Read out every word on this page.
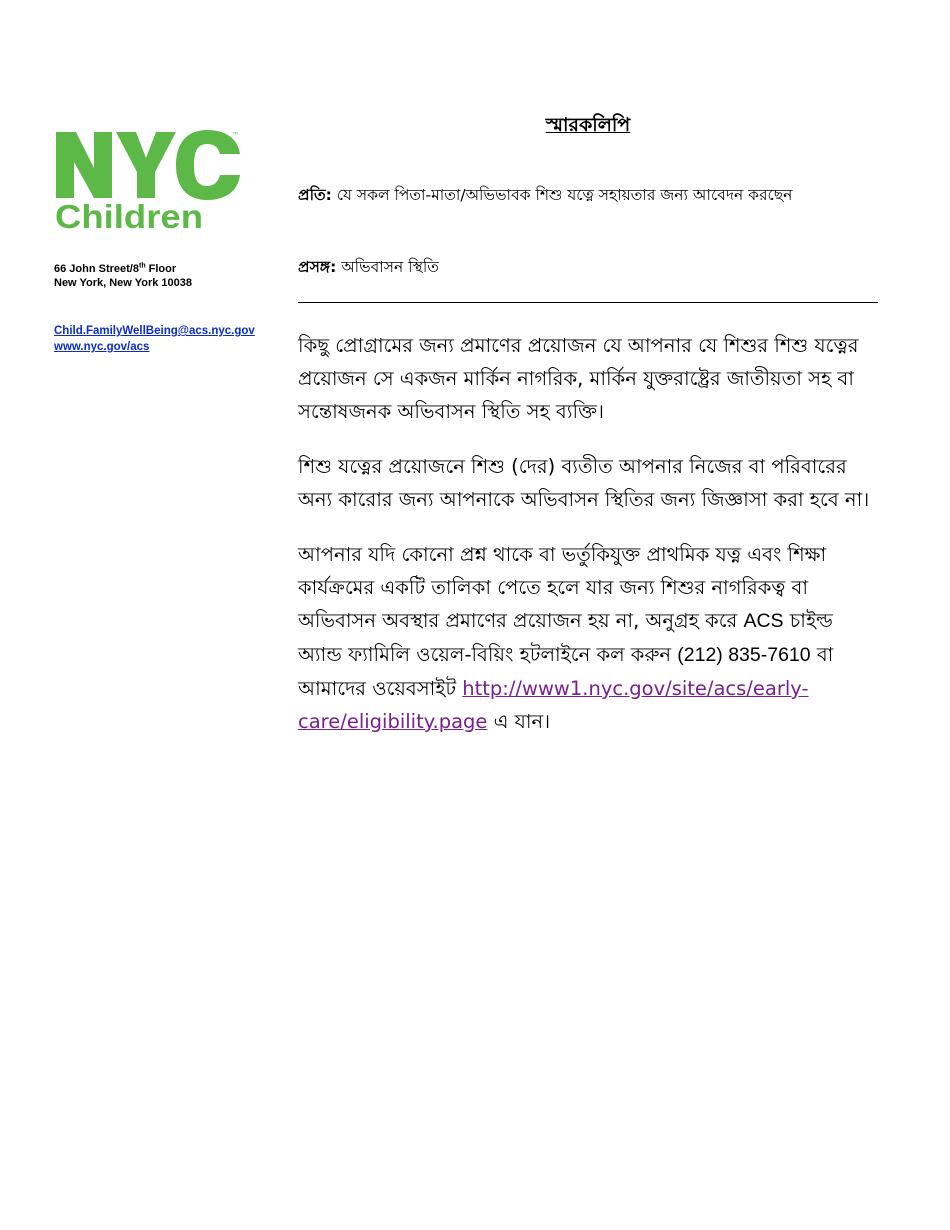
™
Children
66 John Street/8th Floor
New York, New York 10038
Child.FamilyWellBeing@acs.nyc.gov
www.nyc.gov/acs
স্মারকলিপি
প্রতি: যে সকল পিতা-মাতা/অভিভাবক শিশু যত্নে সহায়তার জন্য আবেদন করছেন
প্রসঙ্গ: অভিবাসন স্থিতি

কিছু প্রোগ্রামের জন্য প্রমাণের প্রয়োজন যে আপনার যে শিশুর শিশু যত্নের প্রয়োজন সে একজন মার্কিন নাগরিক, মার্কিন যুক্তরাষ্ট্রের জাতীয়তা সহ বা সন্তোষজনক অভিবাসন স্থিতি সহ ব্যক্তি।

শিশু যত্নের প্রয়োজনে শিশু (দের) ব্যতীত আপনার নিজের বা পরিবারের অন্য কারোর জন্য আপনাকে অভিবাসন স্থিতির জন্য জিজ্ঞাসা করা হবে না।

আপনার যদি কোনো প্রশ্ন থাকে বা ভর্তুকিযুক্ত প্রাথমিক যত্ন এবং শিক্ষা কার্যক্রমের একটি তালিকা পেতে হলে যার জন্য শিশুর নাগরিকত্ব বা অভিবাসন অবস্থার প্রমাণের প্রয়োজন হয় না, অনুগ্রহ করে ACS চাইল্ড অ্যান্ড ফ্যামিলি ওয়েল-বিয়িং হটলাইনে কল করুন (212) 835-7610 বা আমাদের ওয়েবসাইট http://www1.nyc.gov/site/acs/early-care/eligibility.page এ যান।
